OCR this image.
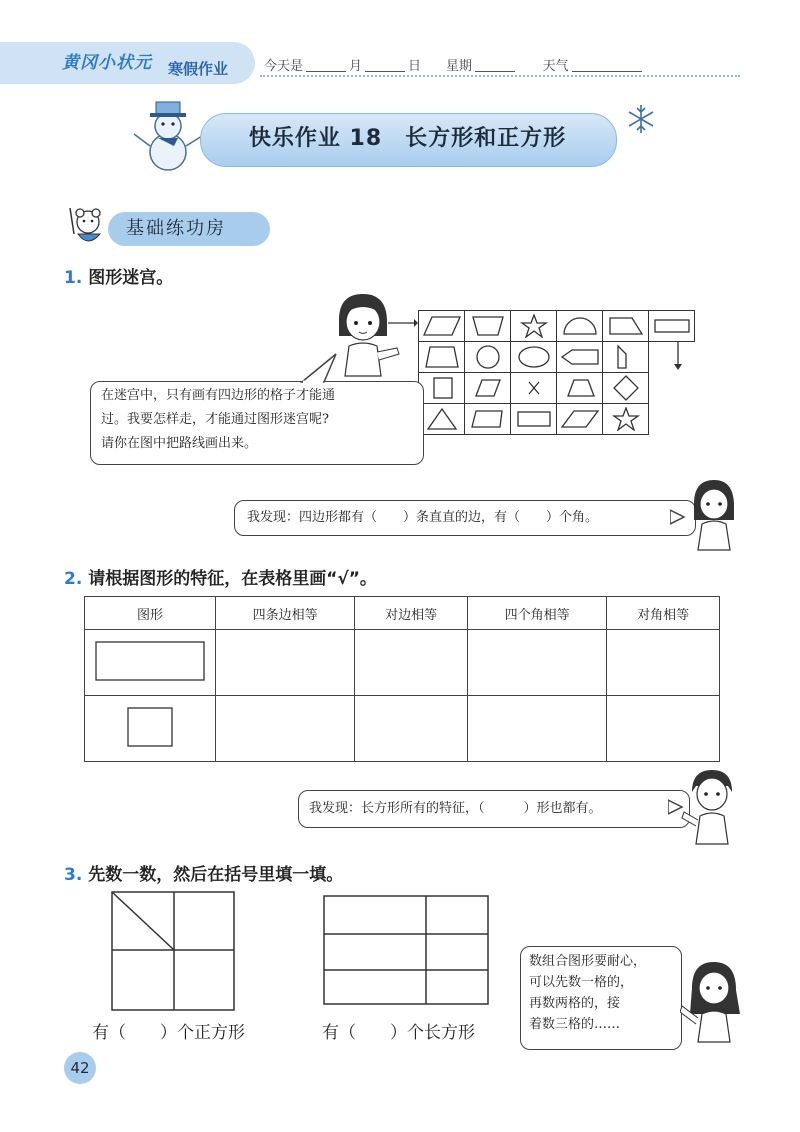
黄冈小状元 寒假作业	今天是	月	日 星期	天气
快乐作业 18　长方形和正方形
基础练功房
1. 图形迷宫。

在迷宫中，只有画有四边形的格子才能通
过。我要怎样走，才能通过图形迷宫呢?
请你在图中把路线画出来。
我发现：四边形都有（　　）条直直的边，有（　　）个角。
2. 请根据图形的特征，在表格里画“√”。
图形	四条边相等	对边相等	四个角相等	对角相等

我发现：长方形所有的特征，（　　　）形也都有。
3. 先数一数，然后在括号里填一填。
有（　　）个正方形	有（　　）个长方形
数组合图形要耐心，
可以先数一格的，
再数两格的，接
着数三格的……
42
